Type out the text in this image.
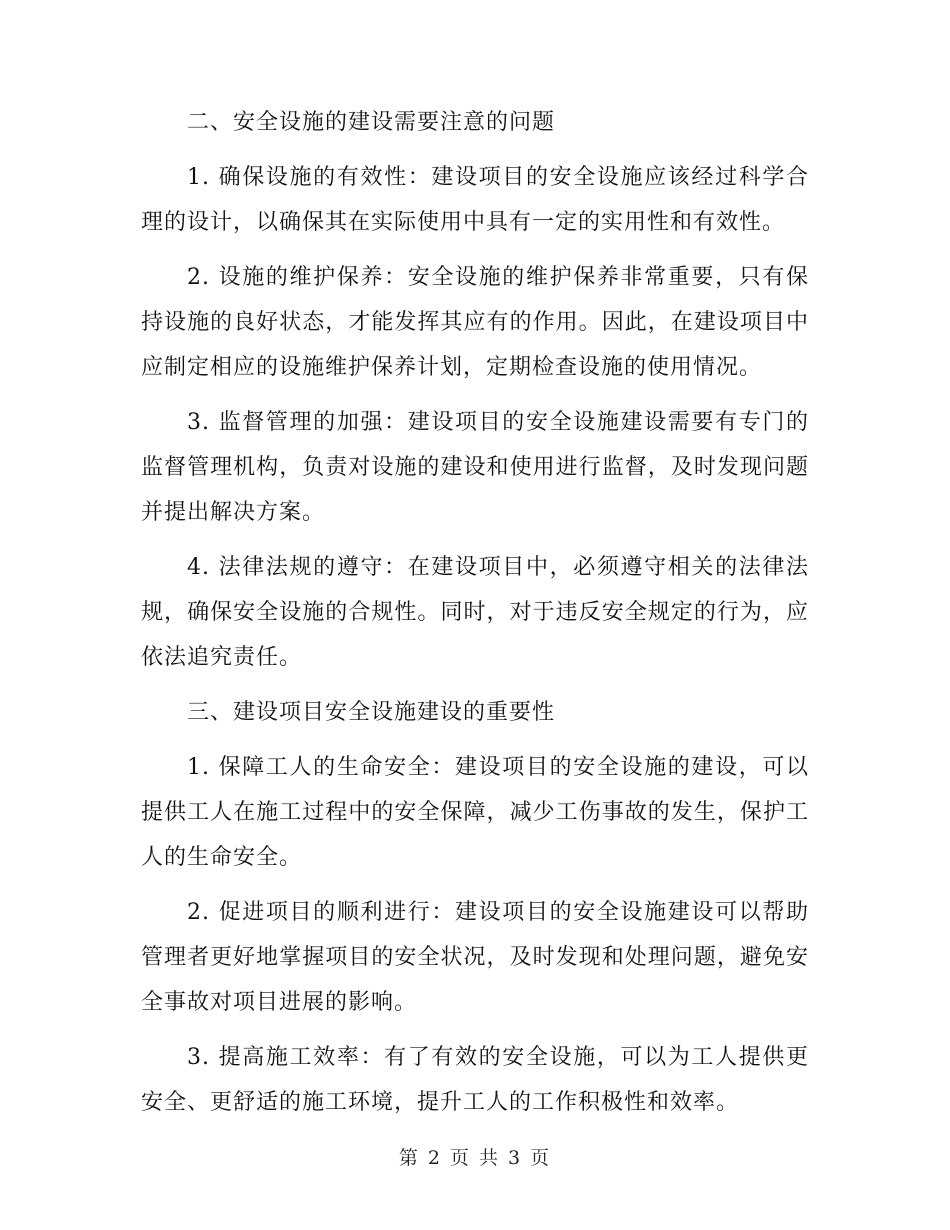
二、安全设施的建设需要注意的问题

1. 确保设施的有效性：建设项目的安全设施应该经过科学合理的设计，以确保其在实际使用中具有一定的实用性和有效性。

2. 设施的维护保养：安全设施的维护保养非常重要，只有保持设施的良好状态，才能发挥其应有的作用。因此，在建设项目中应制定相应的设施维护保养计划，定期检查设施的使用情况。

3. 监督管理的加强：建设项目的安全设施建设需要有专门的监督管理机构，负责对设施的建设和使用进行监督，及时发现问题并提出解决方案。

4. 法律法规的遵守：在建设项目中，必须遵守相关的法律法规，确保安全设施的合规性。同时，对于违反安全规定的行为，应依法追究责任。

三、建设项目安全设施建设的重要性

1. 保障工人的生命安全：建设项目的安全设施的建设，可以提供工人在施工过程中的安全保障，减少工伤事故的发生，保护工人的生命安全。

2. 促进项目的顺利进行：建设项目的安全设施建设可以帮助管理者更好地掌握项目的安全状况，及时发现和处理问题，避免安全事故对项目进展的影响。

3. 提高施工效率：有了有效的安全设施，可以为工人提供更安全、更舒适的施工环境，提升工人的工作积极性和效率。

第 2 页 共 3 页
